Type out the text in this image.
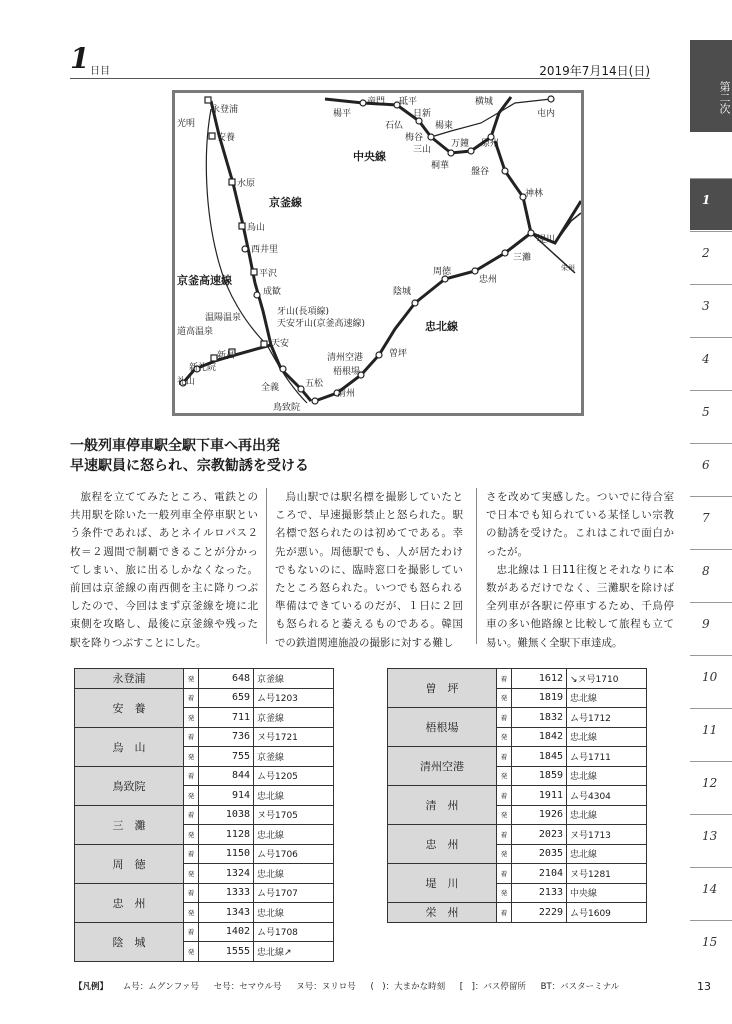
1 日目	2019年7月14日(日)
第二次
1
2
3
4
5
6
7
8
9
10
11
12
13
14
15
永登浦
光明
安養
水原
京釜線
烏山
西井里
平沢
京釜高速線
成歓
牙山(長項線)
天安牙山(京釜高速線)
温陽温泉
道高温泉
天安
新昌
新礼院
礼山
全義	五松
鳥致院
清州
清州空港
梧根場
曽坪
忠北線
陰城
周徳
忠州
三灘
堤川
栄州
楊平
竜門 砥平
日新
石仏	楊東
梅谷
三山
中央線
万鐘
桐華
原州
横城
屯内
盤谷
神林
一般列車停車駅全駅下車へ再出発
早速駅員に怒られ、宗教勧誘を受ける

旅程を立ててみたところ、電鉄との共用駅を除いた一般列車全停車駅という条件であれば、あとネイルロパス２枚＝２週間で制覇できることが分かってしまい、旅に出るしかなくなった。前回は京釜線の南西側を主に降りつぶしたので、今回はまず京釜線を境に北東側を攻略し、最後に京釜線や残った駅を降りつぶすことにした。

烏山駅では駅名標を撮影していたところで、早速撮影禁止と怒られた。駅名標で怒られたのは初めてである。幸先が悪い。周徳駅でも、人が居たわけでもないのに、臨時窓口を撮影していたところ怒られた。いつでも怒られる準備はできているのだが、１日に２回も怒られると萎えるものである。韓国での鉄道関連施設の撮影に対する難し

さを改めて実感した。ついでに待合室で日本でも知られている某怪しい宗教の勧誘を受けた。これはこれで面白かったが。

忠北線は１日11往復とそれなりに本数があるだけでなく、三灘駅を除けば全列車が各駅に停車するため、千鳥停車の多い他路線と比較して旅程も立て易い。難無く全駅下車達成。

永登浦	発	648	京釜線
安　養	着	659	ム号1203
	発	711	京釜線
烏　山	着	736	ヌ号1721
	発	755	京釜線
鳥致院	着	844	ム号1205
	発	914	忠北線
三　灘	着	1038	ヌ号1705
	発	1128	忠北線
周　徳	着	1150	ム号1706
	発	1324	忠北線
忠　州	着	1333	ム号1707
	発	1343	忠北線
陰　城	着	1402	ム号1708
	発	1555	忠北線↗
曽　坪	着	1612	↘ヌ号1710
	発	1819	忠北線
梧根場	着	1832	ム号1712
	発	1842	忠北線
清州空港	着	1845	ム号1711
	発	1859	忠北線
清　州	着	1911	ム号4304
	発	1926	忠北線
忠　州	着	2023	ヌ号1713
	発	2035	忠北線
堤　川	着	2104	ヌ号1281
	発	2133	中央線
栄　州	着	2229	ム号1609
【凡例】 ム号：ムグンファ号 セ号：セマウル号 ヌ号：ヌリロ号 (　)：大まかな時刻 [　]：バス停留所 BT：バスターミナル	13
